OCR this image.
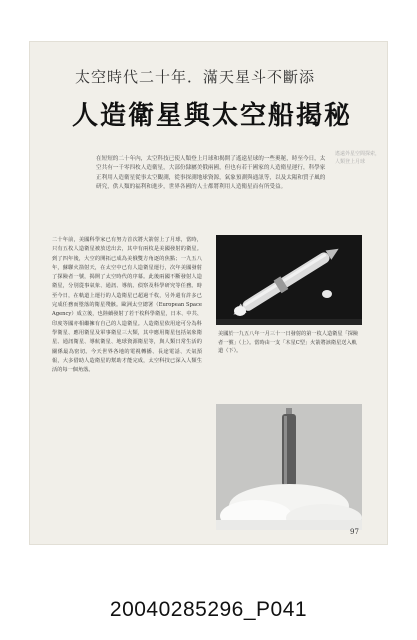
太空時代二十年．滿天星斗不斷添
人造衛星與太空船揭秘
在短短的二十年內，太空科技已使人類登上月球和揭開了遙遠星球的一些奧秘，時至今日，太空共有一千零四枚人造衛星，大部份隸屬美俄兩國，但也有若干國家的人造衛星運行，科學家正利用人造衛星從事太空觀測，從事探測地球資源，氣象預測與通訊等，以及太陽和質子風的研究，供人類的福利和進步，世界各國的人士都將利用人造衛星而有所受益。
遙遠外星空間探索，人類登上月球
二十年前，美國科學家已有努力首次將大箭射上了月球，當時，只有五枚人造衛星被放送出去，其中有兩枚是美國發射的衛星。到了四年後，大空的開拓已成為美俄雙方角逐的焦點；一九五八年，蘇聯火箭射天，在太空中已有人造衛星運行，次年美國發射了探險者一號，揭開了太空時代的序幕。此後兩國不斷發射人造衛星，分別從事氣象、通訊、導航、偵察及科學研究等任務。時至今日，在軌道上運行的人造衛星已超過千枚，另外還有許多已完成任務而墜落的衛星殘骸。歐洲太空總署（European Space Agency）成立後，也陸續發射了若干枚科學衛星，日本、中共、印度等國亦相繼擁有自己的人造衛星。人造衛星依用途可分為科學衛星、應用衛星及軍事衛星三大類，其中應用衛星包括氣象衛星、通訊衛星、導航衛星、地球資源衛星等，與人類日常生活的關係最為密切。今天世界各地的電視轉播、長途電話、天氣預報，大多借助人造衛星的幫助才能完成，太空科技已深入人類生活的每一個角落。
美國於一九五八年一月三十一日發射的第一枚人造衛星「探險者一號」（上）。當時由一支「木星C型」火箭將該衛星送入軌道（下）。
97
20040285296_P041
